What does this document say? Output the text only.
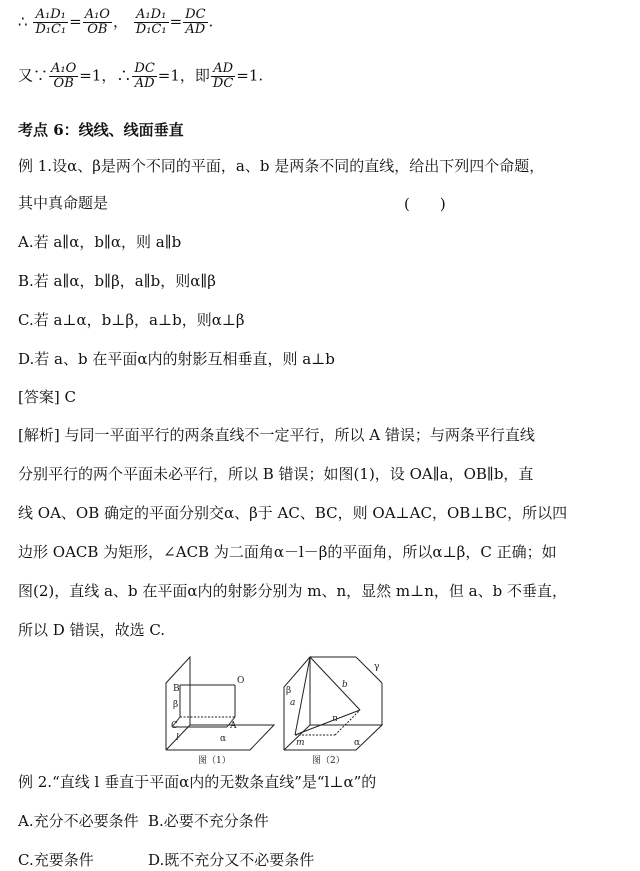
∴ $\frac{\text{A₁D₁}}{\text{D₁C₁}} = \frac{\text{A₁O}}{OB}$ ， $\frac{\text{A₁D₁}}{\text{D₁C₁}} = \frac{DC}{AD}$ .
又∵ $\frac{\text{A₁O}}{OB} =1$，∴ $\frac{DC}{AD} =1$，即 $\frac{AD}{DC} =1$.
考点 6：线线、线面垂直
例 1.设α、β是两个不同的平面，a、b 是两条不同的直线，给出下列四个命题，
其中真命题是	(　　)
A.若 a∥α，b∥α，则 a∥b
B.若 a∥α，b∥β，a∥b，则α∥β
C.若 a⊥α，b⊥β，a⊥b，则α⊥β
D.若 a、b 在平面α内的射影互相垂直，则 a⊥b
[答案] C
[解析] 与同一平面平行的两条直线不一定平行，所以 A 错误；与两条平行直线
分别平行的两个平面未必平行，所以 B 错误；如图(1)，设 OA∥a，OB∥b，直
线 OA、OB 确定的平面分别交α、β于 AC、BC，则 OA⊥AC，OB⊥BC，所以四
边形 OACB 为矩形，∠ACB 为二面角α－l－β的平面角，所以α⊥β，C 正确；如
图(2)，直线 a、b 在平面α内的射影分别为 m、n，显然 m⊥n，但 a、b 不垂直，
所以 D 错误，故选 C.
B
β
C
l
A
α
O
图（1）
γ
β
a
b
n
m	α
图（2）
例 2.“直线 l 垂直于平面α内的无数条直线”是“l⊥α”的
A.充分不必要条件 B.必要不充分条件
C.充要条件	D.既不充分又不必要条件
